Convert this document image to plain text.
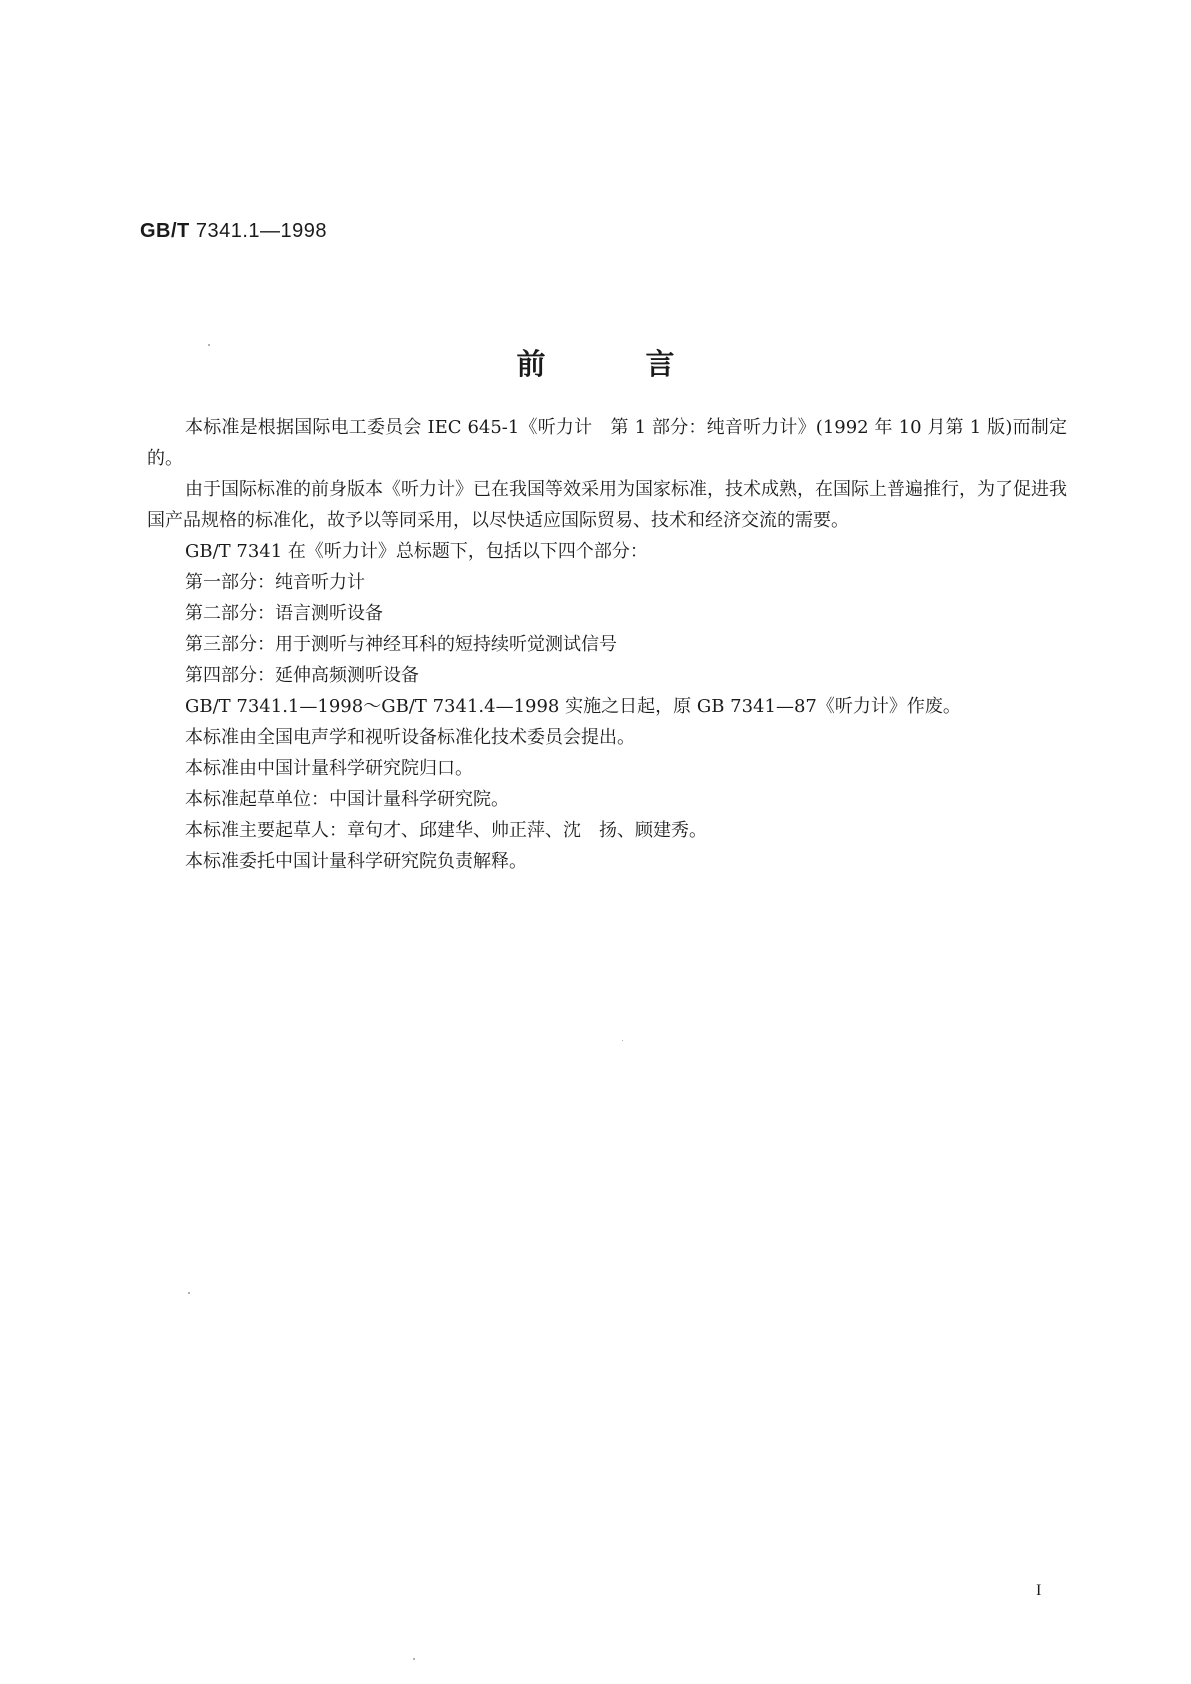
GB/T 7341.1—1998
前	言

本标准是根据国际电工委员会 IEC 645-1《听力计　第 1 部分：纯音听力计》(1992 年 10 月第 1 版)而制定的。

由于国际标准的前身版本《听力计》已在我国等效采用为国家标准，技术成熟，在国际上普遍推行，为了促进我国产品规格的标准化，故予以等同采用，以尽快适应国际贸易、技术和经济交流的需要。

GB/T 7341 在《听力计》总标题下，包括以下四个部分：

第一部分：纯音听力计

第二部分：语言测听设备

第三部分：用于测听与神经耳科的短持续听觉测试信号

第四部分：延伸高频测听设备

GB/T 7341.1—1998～GB/T 7341.4—1998 实施之日起，原 GB 7341—87《听力计》作废。

本标准由全国电声学和视听设备标准化技术委员会提出。

本标准由中国计量科学研究院归口。

本标准起草单位：中国计量科学研究院。

本标准主要起草人：章句才、邱建华、帅正萍、沈　扬、顾建秀。

本标准委托中国计量科学研究院负责解释。

I
